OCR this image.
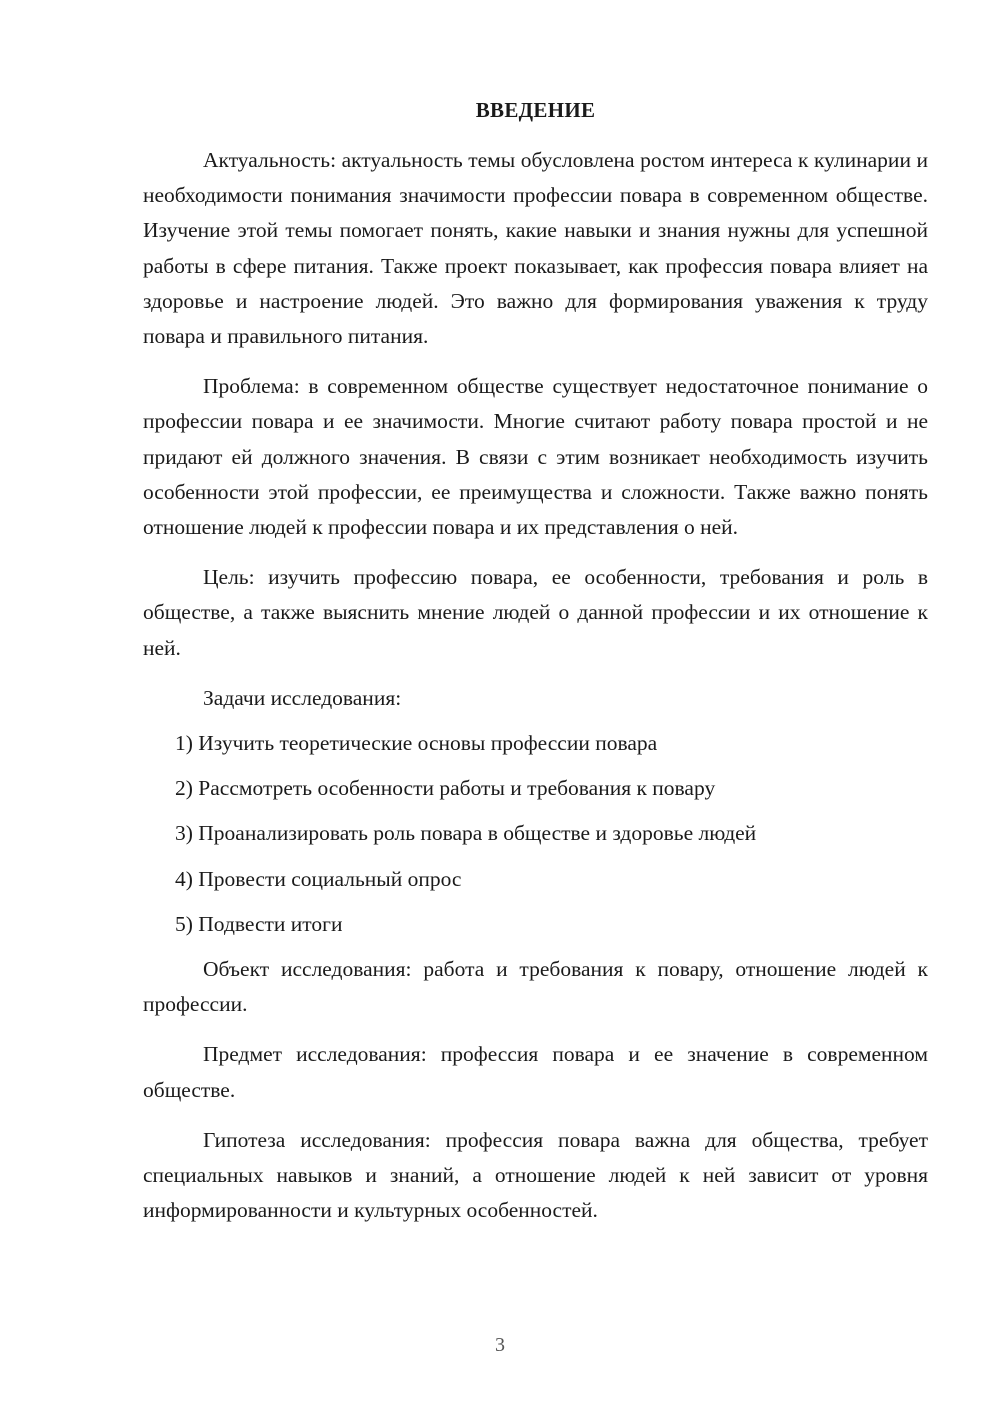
ВВЕДЕНИЕ

Актуальность: актуальность темы обусловлена ростом интереса к кулинарии и необходимости понимания значимости профессии повара в современном обществе. Изучение этой темы помогает понять, какие навыки и знания нужны для успешной работы в сфере питания. Также проект показывает, как профессия повара влияет на здоровье и настроение людей. Это важно для формирования уважения к труду повара и правильного питания.

Проблема: в современном обществе существует недостаточное понимание о профессии повара и ее значимости. Многие считают работу повара простой и не придают ей должного значения. В связи с этим возникает необходимость изучить особенности этой профессии, ее преимущества и сложности. Также важно понять отношение людей к профессии повара и их представления о ней.

Цель: изучить профессию повара, ее особенности, требования и роль в обществе, а также выяснить мнение людей о данной профессии и их отношение к ней.

Задачи исследования:

1) Изучить теоретические основы профессии повара
2) Рассмотреть особенности работы и требования к повару
3) Проанализировать роль повара в обществе и здоровье людей
4) Провести социальный опрос
5) Подвести итоги

Объект исследования: работа и требования к повару, отношение людей к профессии.

Предмет исследования: профессия повара и ее значение в современном обществе.

Гипотеза исследования: профессия повара важна для общества, требует специальных навыков и знаний, а отношение людей к ней зависит от уровня информированности и культурных особенностей.

3
